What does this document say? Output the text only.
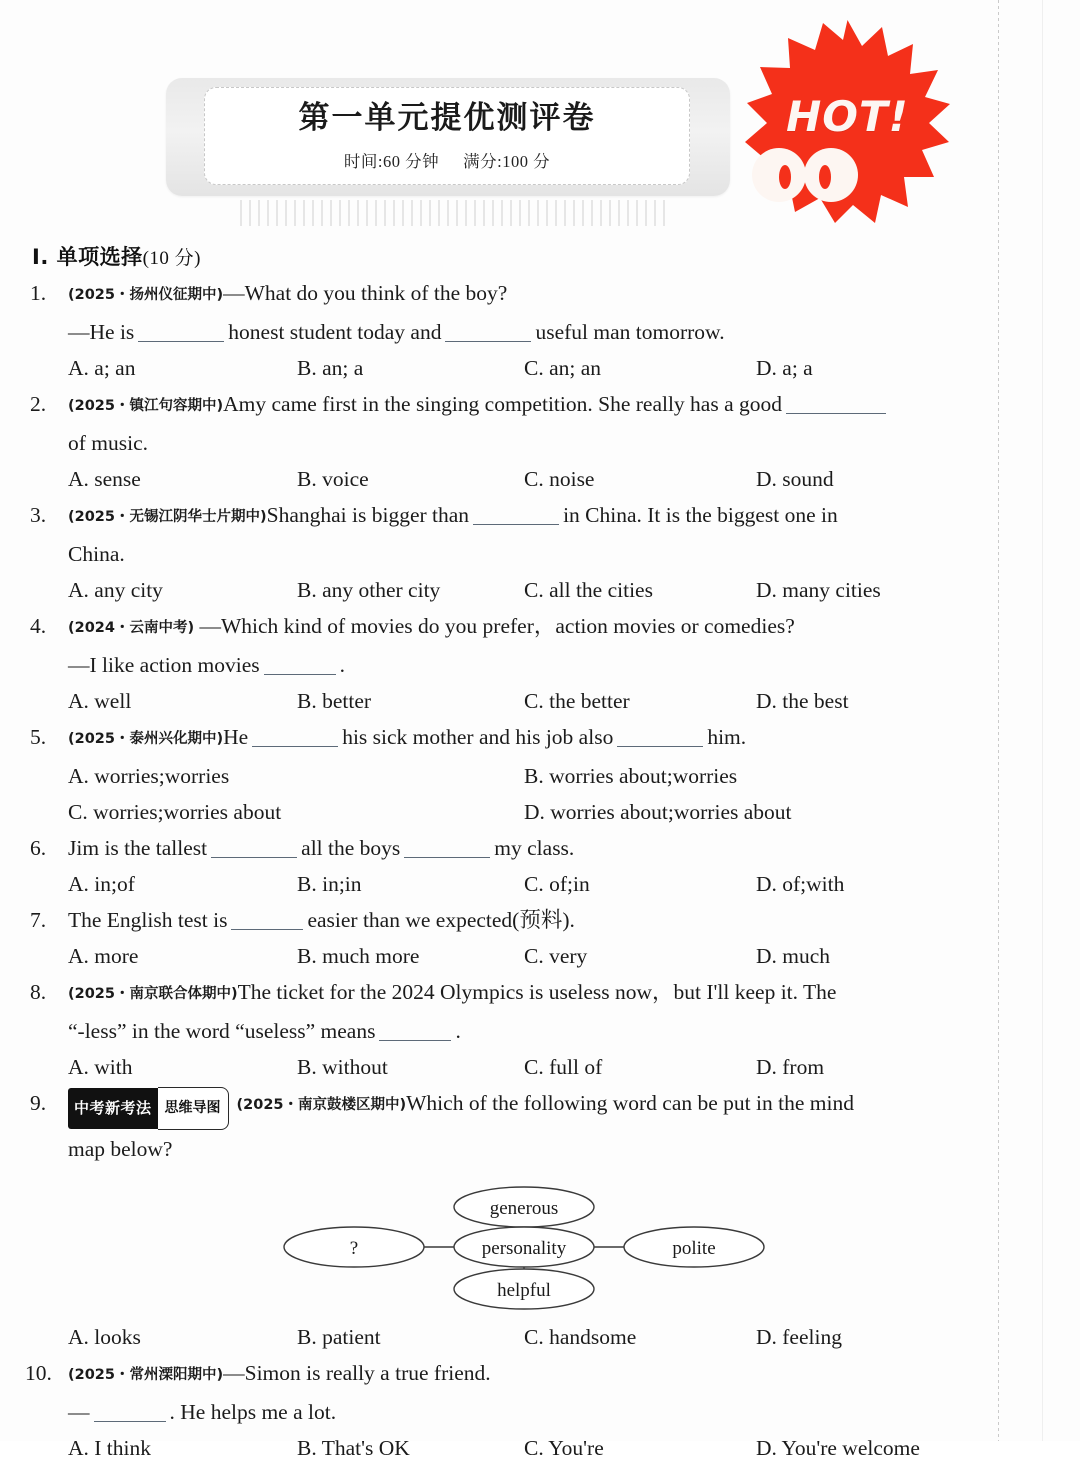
第一单元提优测评卷
时间:60 分钟 满分:100 分
HOT!
Ⅰ. 单项选择(10 分)
1. (2025・扬州仪征期中)—What do you think of the boy?
—He is	honest student today and	useful man tomorrow.
A. a; an	B. an; a	C. an; an	D. a; a
2. (2025・镇江句容期中)Amy came first in the singing competition. She really has a good
of music.
A. sense	B. voice	C. noise	D. sound
3. (2025・无锡江阴华士片期中)Shanghai is bigger than	in China. It is the biggest one in
China.
A. any city	B. any other city	C. all the cities	D. many cities
4. (2024・云南中考) —Which kind of movies do you prefer，action movies or comedies?
—I like action movies	.
A. well	B. better	C. the better	D. the best
5. (2025・泰州兴化期中)He	his sick mother and his job also	him.
A. worries;worries	B. worries about;worries
C. worries;worries about	D. worries about;worries about
6. Jim is the tallest	all the boys	my class.
A. in;of	B. in;in	C. of;in	D. of;with
7. The English test is	easier than we expected(预料).
A. more	B. much more	C. very	D. much
8. (2025・南京联合体期中)The ticket for the 2024 Olympics is useless now，but I'll keep it. The
“-less” in the word “useless” means	.
A. with	B. without	C. full of	D. from
9. 中考新考法 思维导图 (2025・南京鼓楼区期中)Which of the following word can be put in the mind
map below?
generous
personality
helpful
?	polite
A. looks	B. patient	C. handsome	D. feeling
10. (2025・常州溧阳期中)—Simon is really a true friend.
—	. He helps me a lot.
A. I think	B. That's OK	C. You're	D. You're welcome
